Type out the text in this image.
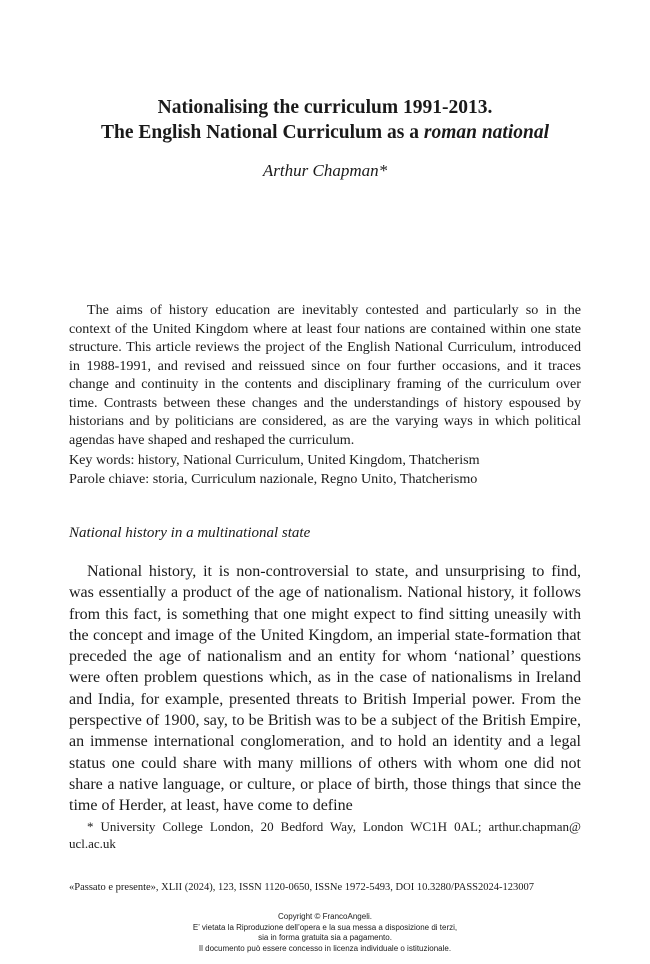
Nationalising the curriculum 1991-2013.
The English National Curriculum as a roman national
Arthur Chapman*

The aims of history education are inevitably contested and particularly so in the context of the United Kingdom where at least four nations are contained within one state structure. This article reviews the project of the English National Curriculum, introduced in 1988-1991, and revised and reissued since on four further occasions, and it traces change and continuity in the contents and disciplinary framing of the curriculum over time. Contrasts between these changes and the understandings of history espoused by historians and by politicians are considered, as are the varying ways in which political agendas have shaped and reshaped the curriculum.

Key words: history, National Curriculum, United Kingdom, Thatcherism
Parole chiave: storia, Curriculum nazionale, Regno Unito, Thatcherismo
National history in a multinational state

National history, it is non-controversial to state, and unsurprising to find, was essentially a product of the age of nationalism. National history, it follows from this fact, is something that one might expect to find sitting uneasily with the concept and image of the United Kingdom, an imperial state-formation that preceded the age of nationalism and an entity for whom ‘national’ questions were often problem questions which, as in the case of nationalisms in Ireland and India, for example, presented threats to British Imperial power. From the perspective of 1900, say, to be British was to be a subject of the British Empire, an immense international conglomeration, and to hold an identity and a legal status one could share with many millions of others with whom one did not share a native language, or culture, or place of birth, those things that since the time of Herder, at least, have come to define

* University College London, 20 Bedford Way, London WC1H 0AL; arthur.chapman@ ucl.ac.uk

«Passato e presente», XLII (2024), 123, ISSN 1120-0650, ISSNe 1972-5493, DOI 10.3280/PASS2024-123007
Copyright © FrancoAngeli.
E’ vietata la Riproduzione dell’opera e la sua messa a disposizione di terzi,
sia in forma gratuita sia a pagamento.
Il documento può essere concesso in licenza individuale o istituzionale.
